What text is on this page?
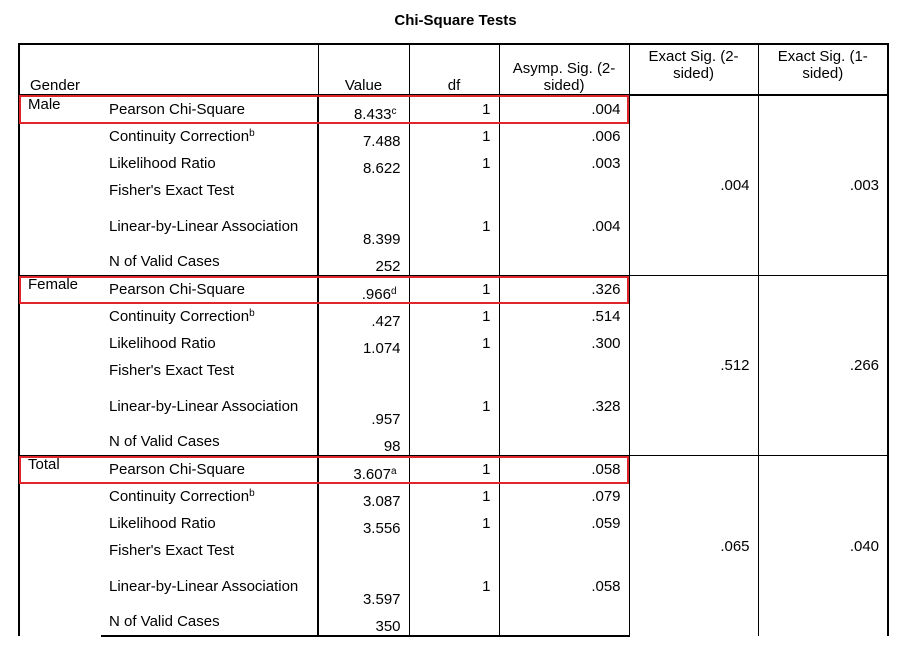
Chi-Square Tests
Gender		Value	df	Asymp. Sig. (2-sided)	Exact Sig. (2-sided)	Exact Sig. (1-sided)
Male	Pearson Chi-Square	8.433$^c$	1	.004	.004	.003
	Continuity Correction$^b$	7.488	1	.006		
	Likelihood Ratio	8.622	1	.003		
	Fisher's Exact Test					
	Linear-by-Linear Association	8.399	1	.004		
	N of Valid Cases	252				
Female	Pearson Chi-Square	.966$^d$	1	.326	.512	.266
	Continuity Correction$^b$	.427	1	.514		
	Likelihood Ratio	1.074	1	.300		
	Fisher's Exact Test					
	Linear-by-Linear Association	.957	1	.328		
	N of Valid Cases	98				
Total	Pearson Chi-Square	3.607$^a$	1	.058	.065	.040
	Continuity Correction$^b$	3.087	1	.079		
	Likelihood Ratio	3.556	1	.059		
	Fisher's Exact Test					
	Linear-by-Linear Association	3.597	1	.058		
	N of Valid Cases	350				
